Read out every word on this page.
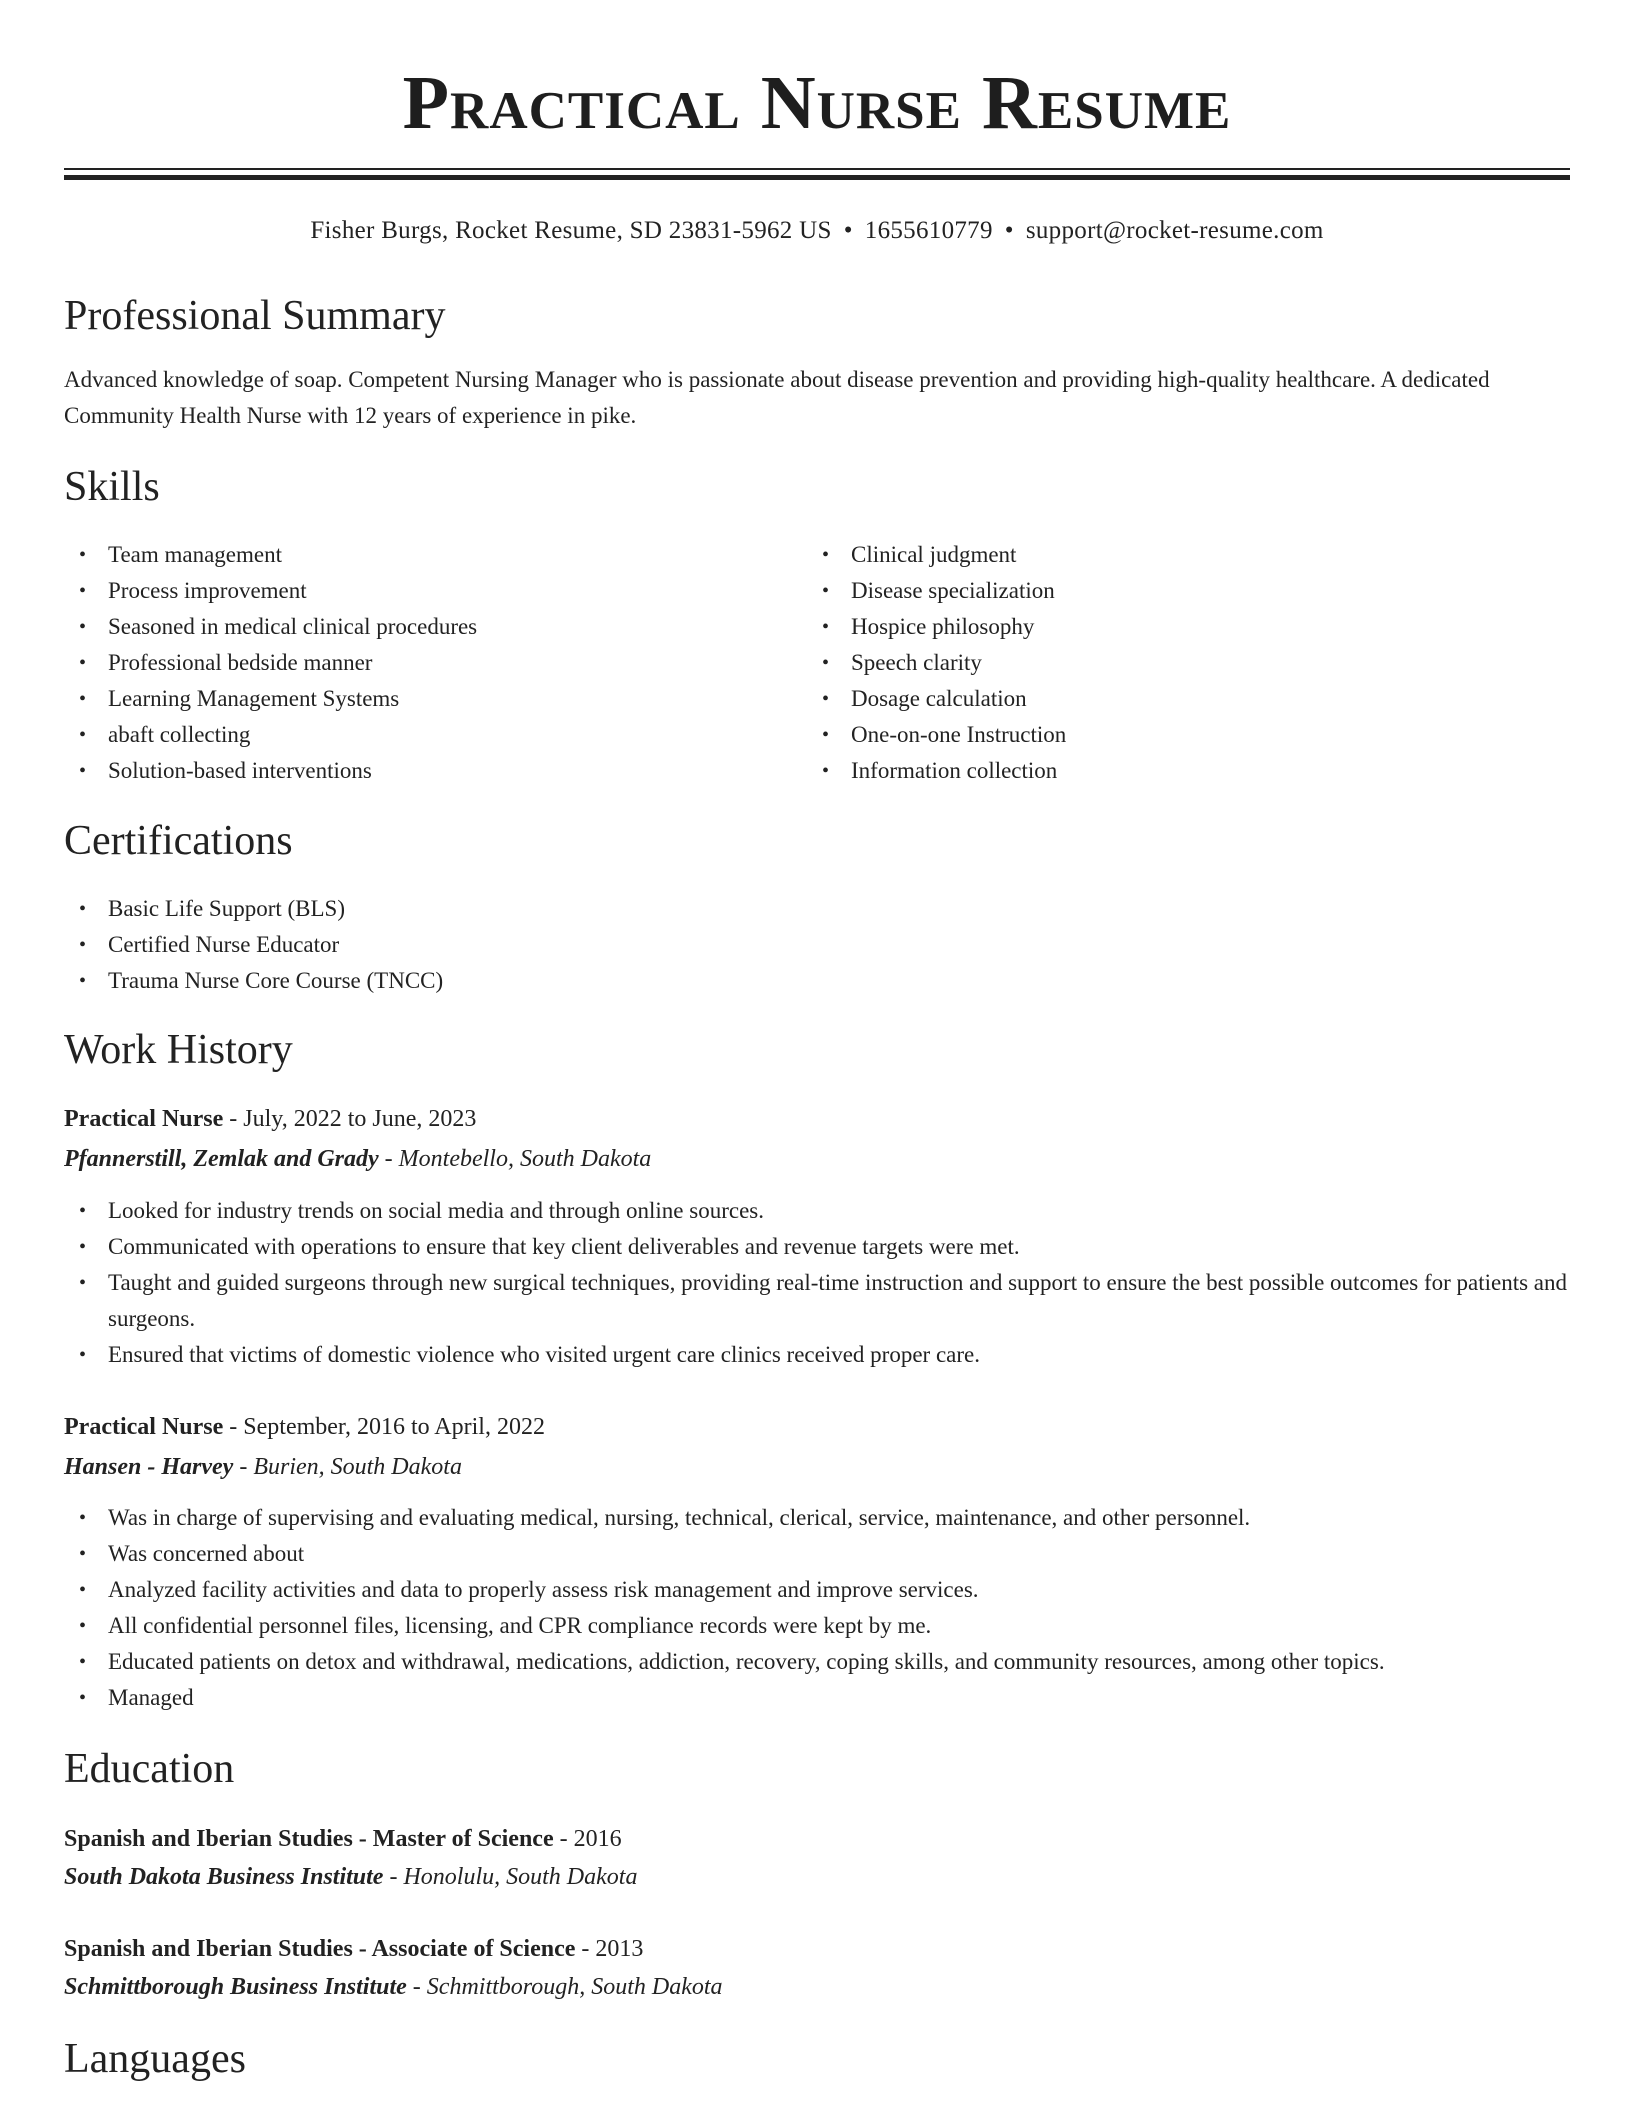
Practical Nurse Resume
Fisher Burgs, Rocket Resume, SD 23831-5962 US • 1655610779 • support@rocket-resume.com
Professional Summary

Advanced knowledge of soap. Competent Nursing Manager who is passionate about disease prevention and providing high-quality healthcare. A dedicated Community Health Nurse with 12 years of experience in pike.

Skills
• Team management
• Process improvement
• Seasoned in medical clinical procedures
• Professional bedside manner
• Learning Management Systems
• abaft collecting
• Solution-based interventions
• Clinical judgment
• Disease specialization
• Hospice philosophy
• Speech clarity
• Dosage calculation
• One-on-one Instruction
• Information collection
Certifications
• Basic Life Support (BLS)
• Certified Nurse Educator
• Trauma Nurse Core Course (TNCC)
Work History
Practical Nurse - July, 2022 to June, 2023
Pfannerstill, Zemlak and Grady - Montebello, South Dakota
• Looked for industry trends on social media and through online sources.
• Communicated with operations to ensure that key client deliverables and revenue targets were met.
• Taught and guided surgeons through new surgical techniques, providing real-time instruction and support to ensure the best possible outcomes for patients and surgeons.
• Ensured that victims of domestic violence who visited urgent care clinics received proper care.
Practical Nurse - September, 2016 to April, 2022
Hansen - Harvey - Burien, South Dakota
• Was in charge of supervising and evaluating medical, nursing, technical, clerical, service, maintenance, and other personnel.
• Was concerned about
• Analyzed facility activities and data to properly assess risk management and improve services.
• All confidential personnel files, licensing, and CPR compliance records were kept by me.
• Educated patients on detox and withdrawal, medications, addiction, recovery, coping skills, and community resources, among other topics.
• Managed
Education
Spanish and Iberian Studies - Master of Science - 2016
South Dakota Business Institute - Honolulu, South Dakota
Spanish and Iberian Studies - Associate of Science - 2013
Schmittborough Business Institute - Schmittborough, South Dakota
Languages
